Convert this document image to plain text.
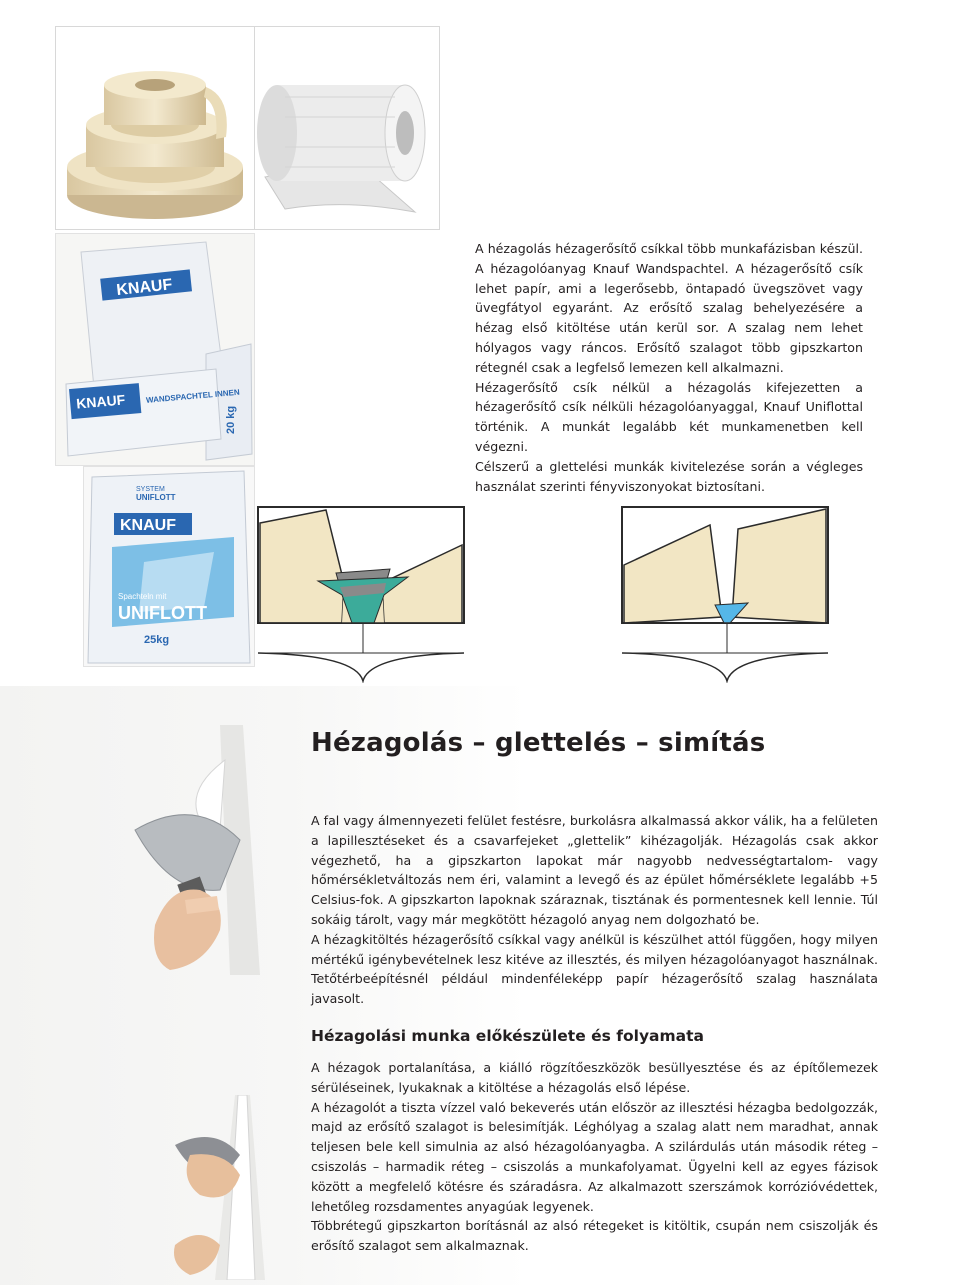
KNAUF
20 kg
KNAUF WANDSPACHTEL INNEN
SYSTEM
UNIFLOTT
KNAUF
Spachteln mit
UNIFLOTT
25kg

A hézagolás hézagerősítő csíkkal több munkafázisban készül. A hézagolóanyag Knauf Wandspachtel. A hézagerősítő csík lehet papír, ami a legerősebb, öntapadó üvegszövet vagy üvegfátyol egyaránt. Az erősítő szalag behelyezésére a hézag első kitöltése után kerül sor. A szalag nem lehet hólyagos vagy ráncos. Erősítő szalagot több gipszkarton rétegnél csak a legfelső lemezen kell alkalmazni.

Hézagerősítő csík nélkül a hézagolás kifejezetten a hézagerősítő csík nélküli hézagolóanyaggal, Knauf Uniflottal történik. A munkát legalább két munkamenetben kell végezni.

Célszerű a glettelési munkák kivitelezése során a végleges használat szerinti fényviszonyokat biztosítani.

Hézagolás – glettelés – simítás

A fal vagy álmennyezeti felület festésre, burkolásra alkalmassá akkor válik, ha a felületen a lapillesztéseket és a csavarfejeket „glettelik” kihézagolják. Hézagolás csak akkor végezhető, ha a gipszkarton lapokat már nagyobb nedvességtartalom- vagy hőmérsékletváltozás nem éri, valamint a levegő és az épület hőmérséklete legalább +5 Celsius-fok. A gipszkarton lapoknak száraznak, tisztának és pormentesnek kell lennie. Túl sokáig tárolt, vagy már megkötött hézagoló anyag nem dolgozható be.

A hézagkitöltés hézagerősítő csíkkal vagy anélkül is készülhet attól függően, hogy milyen mértékű igénybevételnek lesz kitéve az illesztés, és milyen hézagolóanyagot használnak. Tetőtérbeépítésnél például mindenféleképp papír hézagerősítő szalag használata javasolt.

Hézagolási munka előkészülete és folyamata

A hézagok portalanítása, a kiálló rögzítőeszközök besüllyesztése és az építőlemezek sérüléseinek, lyukaknak a kitöltése a hézagolás első lépése.

A hézagolót a tiszta vízzel való bekeverés után először az illesztési hézagba bedolgozzák, majd az erősítő szalagot is belesimítják. Léghólyag a szalag alatt nem maradhat, annak teljesen bele kell simulnia az alsó hézagolóanyagba. A szilárdulás után második réteg – csiszolás – harmadik réteg – csiszolás a munkafolyamat. Ügyelni kell az egyes fázisok között a megfelelő kötésre és száradásra. Az alkalmazott szerszámok korrózióvédettek, lehetőleg rozsdamentes anyagúak legyenek.

Többrétegű gipszkarton borításnál az alsó rétegeket is kitöltik, csupán nem csiszolják és erősítő szalagot sem alkalmaznak.
